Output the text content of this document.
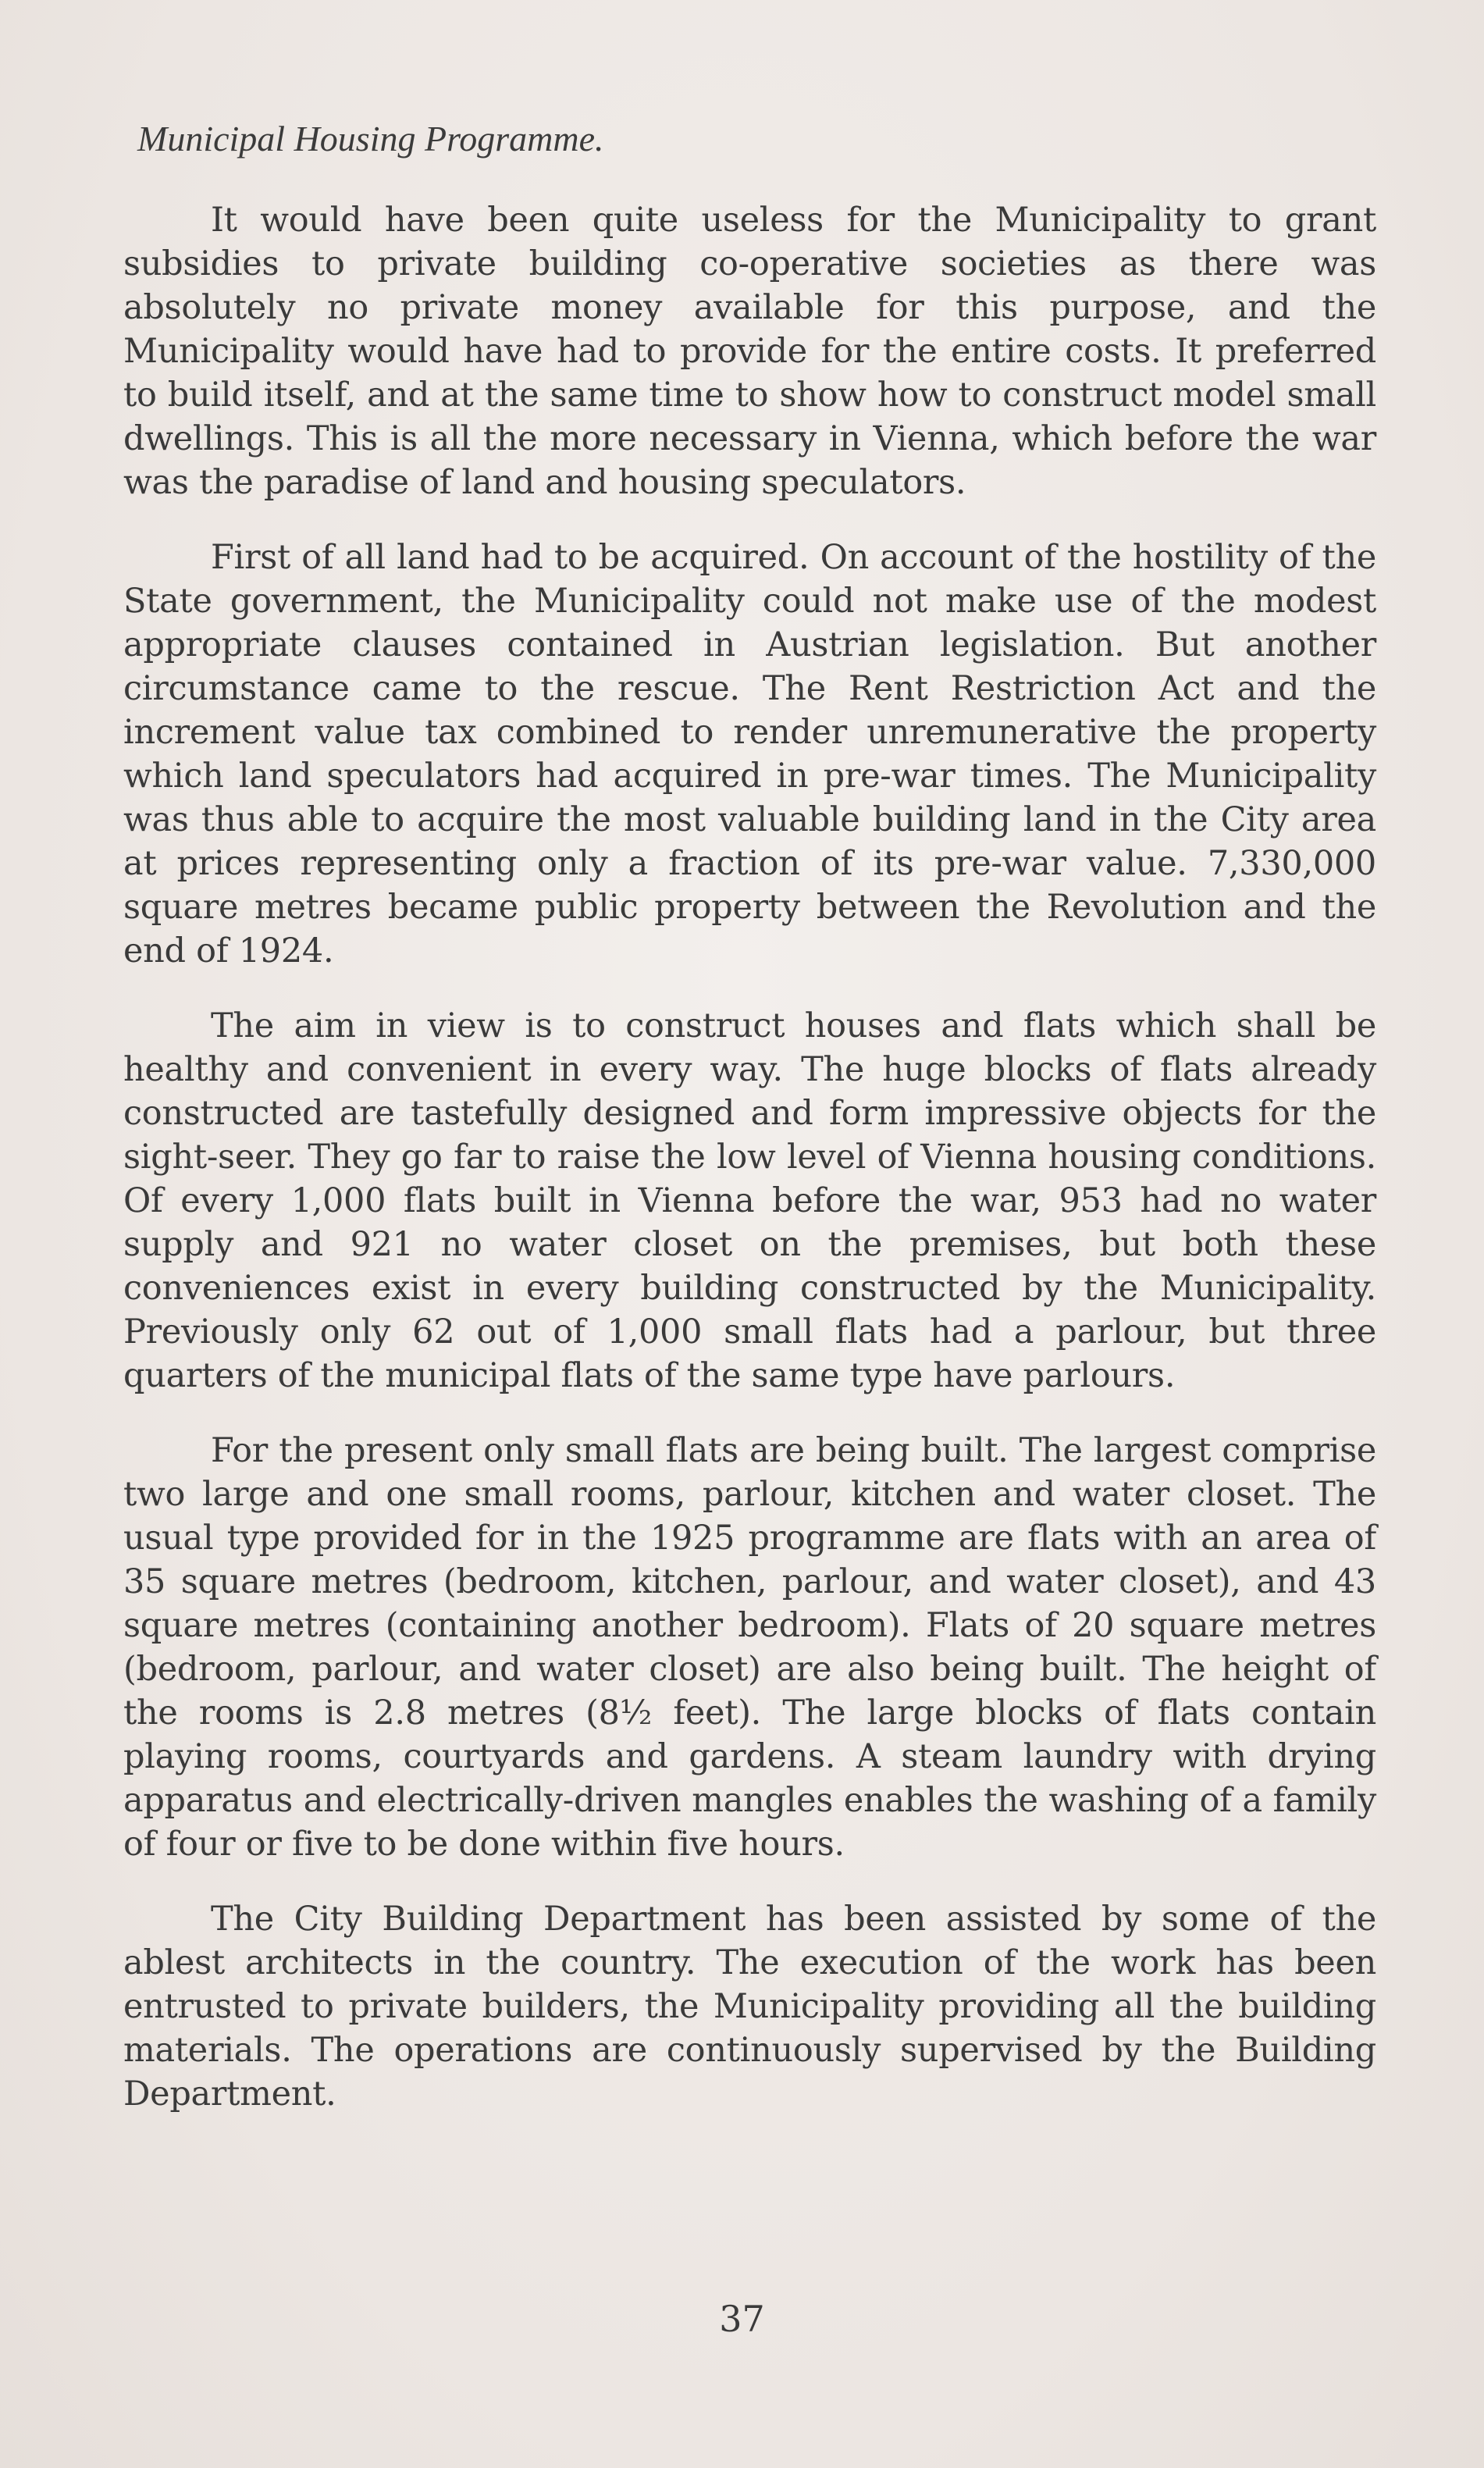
Municipal Housing Programme.

It would have been quite useless for the Municipality to grant subsidies to private building co-operative societies as there was absolutely no private money available for this purpose, and the Municipality would have had to provide for the entire costs. It preferred to build itself, and at the same time to show how to construct model small dwellings. This is all the more necessary in Vienna, which before the war was the paradise of land and housing speculators.

First of all land had to be acquired. On account of the hostility of the State government, the Municipality could not make use of the modest appropriate clauses contained in Austrian legislation. But another circumstance came to the rescue. The Rent Restriction Act and the increment value tax combined to render unremunerative the property which land speculators had acquired in pre-war times. The Municipality was thus able to acquire the most valuable building land in the City area at prices representing only a fraction of its pre-war value. 7,330,000 square metres became public property between the Revolution and the end of 1924.

The aim in view is to construct houses and flats which shall be healthy and convenient in every way. The huge blocks of flats already constructed are tastefully designed and form impressive objects for the sight-seer. They go far to raise the low level of Vienna housing conditions. Of every 1,000 flats built in Vienna before the war, 953 had no water supply and 921 no water closet on the premises, but both these conveniences exist in every building constructed by the Municipality. Previously only 62 out of 1,000 small flats had a parlour, but three quarters of the municipal flats of the same type have parlours.

For the present only small flats are being built. The largest comprise two large and one small rooms, parlour, kitchen and water closet. The usual type provided for in the 1925 programme are flats with an area of 35 square metres (bedroom, kitchen, parlour, and water closet), and 43 square metres (containing another bedroom). Flats of 20 square metres (bedroom, parlour, and water closet) are also being built. The height of the rooms is 2.8 metres (8½ feet). The large blocks of flats contain playing rooms, courtyards and gardens. A steam laundry with drying apparatus and electrically-driven mangles enables the washing of a family of four or five to be done within five hours.

The City Building Department has been assisted by some of the ablest architects in the country. The execution of the work has been entrusted to private builders, the Municipality providing all the building materials. The operations are continuously supervised by the Building Department.

37
